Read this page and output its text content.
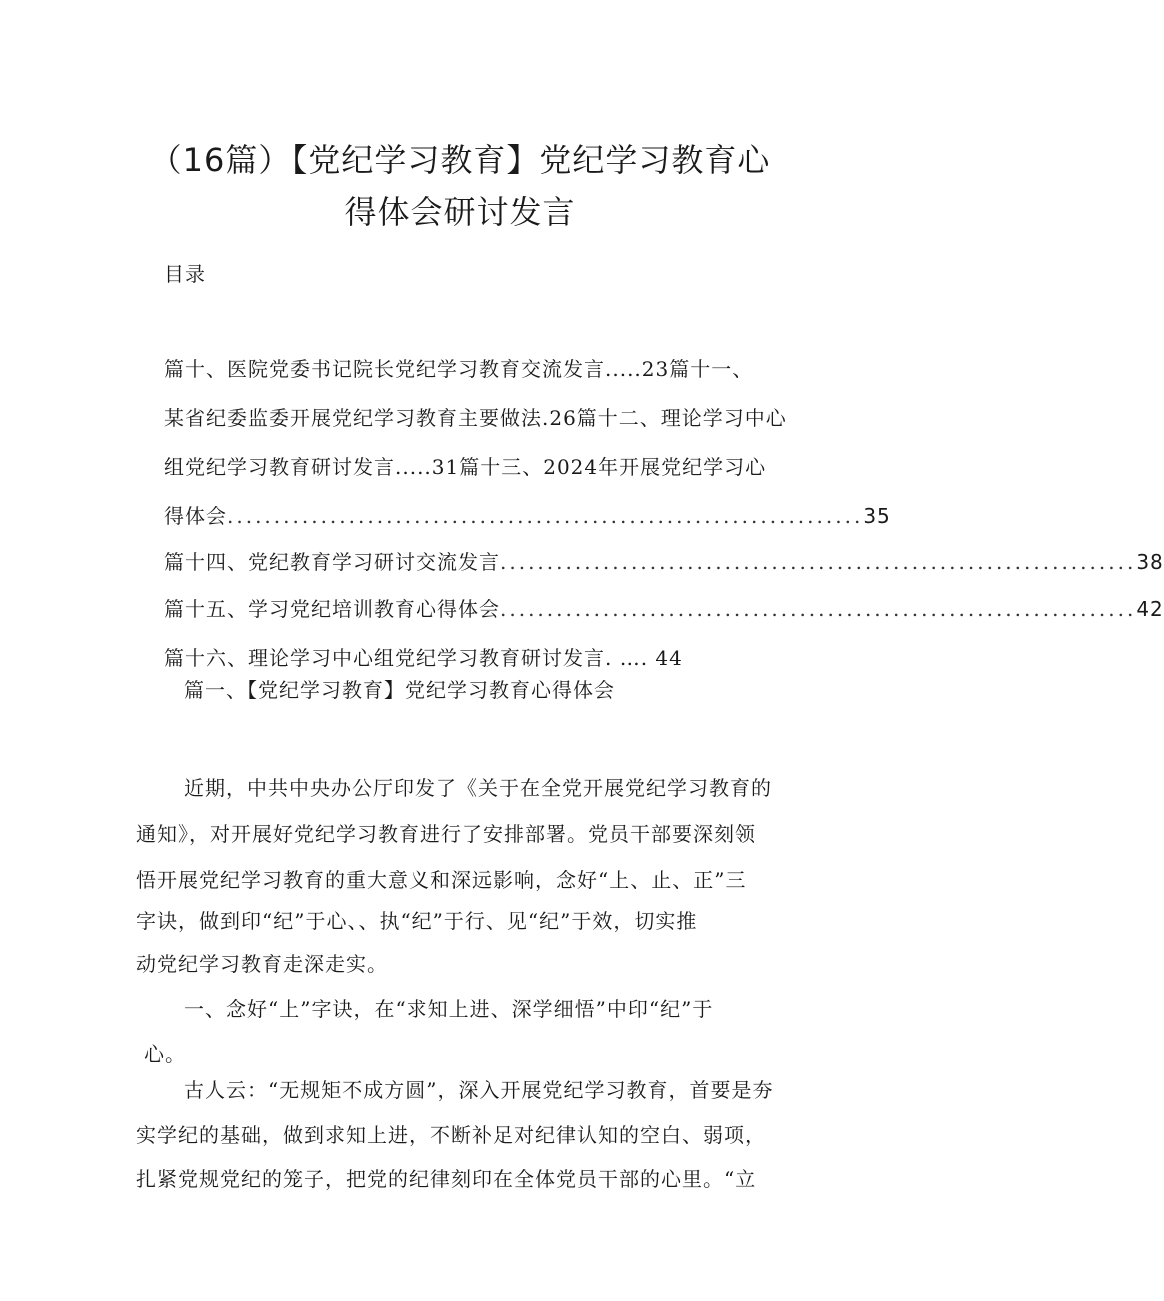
（16篇）【党纪学习教育】党纪学习教育心
得体会研讨发言

目录

篇十、医院党委书记院长党纪学习教育交流发言.....23篇十一、

某省纪委监委开展党纪学习教育主要做法.26篇十二、理论学习中心

组党纪学习教育研讨发言.....31篇十三、2024年开展党纪学习心

得体会 .................................................................... 35
篇十四、党纪教育学习研讨交流发言 .................................................................... 38
篇十五、学习党纪培训教育心得体会 .................................................................... 42

篇十六、理论学习中心组党纪学习教育研讨发言. …. 44

篇一、【党纪学习教育】党纪学习教育心得体会

近期，中共中央办公厅印发了《关于在全党开展党纪学习教育的

通知》，对开展好党纪学习教育进行了安排部署。党员干部要深刻领

悟开展党纪学习教育的重大意义和深远影响，念好“上、止、正”三

字诀，做到印“纪”于心、、执“纪”于行、见“纪”于效，切实推

动党纪学习教育走深走实。

一、念好“上”字诀，在“求知上进、深学细悟”中印“纪”于

心。

古人云：“无规矩不成方圆”，深入开展党纪学习教育，首要是夯

实学纪的基础，做到求知上进，不断补足对纪律认知的空白、弱项，

扎紧党规党纪的笼子，把党的纪律刻印在全体党员干部的心里。“立
